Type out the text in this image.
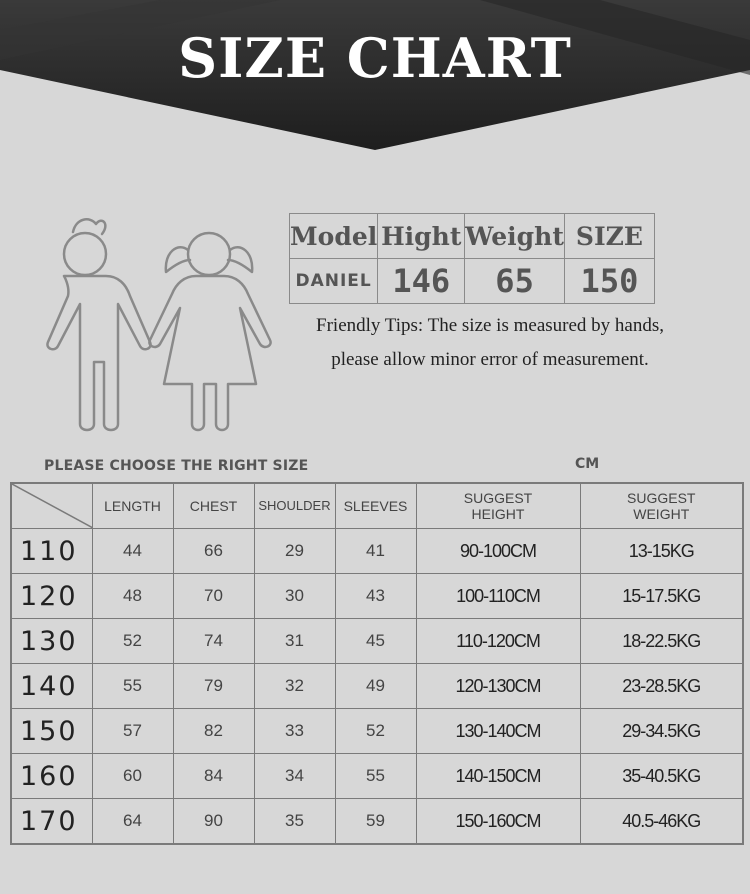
SIZE CHART
Model	Hight	Weight	SIZE
DANIEL	146	65	150
Friendly Tips: The size is measured by hands,
please allow minor error of measurement.
PLEASE CHOOSE THE RIGHT SIZE	CM
	LENGTH	CHEST	SHOULDER	SLEEVES	SUGGEST HEIGHT	SUGGEST WEIGHT

110	44	66	29	41	90-100CM	13-15KG
120	48	70	30	43	100-110CM	15-17.5KG
130	52	74	31	45	110-120CM	18-22.5KG
140	55	79	32	49	120-130CM	23-28.5KG
150	57	82	33	52	130-140CM	29-34.5KG
160	60	84	34	55	140-150CM	35-40.5KG
170	64	90	35	59	150-160CM	40.5-46KG
